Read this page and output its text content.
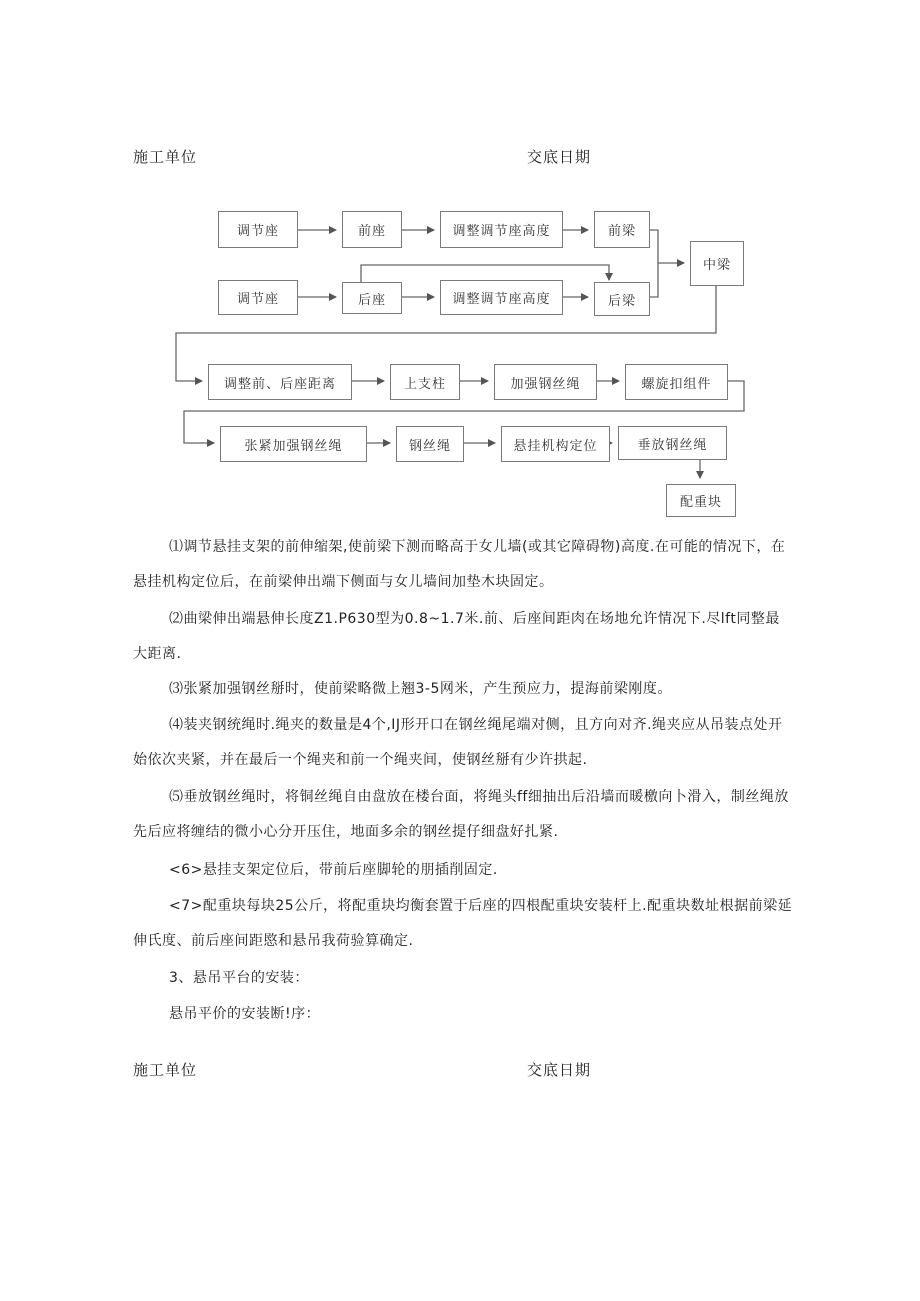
施工单位	交底日期
调节座	前座	调整调节座高度	前梁
中梁
调节座	后座	调整调节座高度	后梁
调整前、后座距离	上支柱	加强钢丝绳	螺旋扣组件
张紧加强钢丝绳	钢丝绳	悬挂机构定位	垂放钢丝绳
配重块
⑴调节悬挂支架的前伸缩架,使前梁下测而略高于女儿墙(或其它障碍物)高度.在可能的情况下，在悬挂机构定位后，在前梁伸出端下侧面与女儿墙间加垫木块固定。
⑵曲梁伸出端悬伸长度Z1.P630型为0.8~1.7米.前、后座间距肉在场地允许情况下.尽lft同整最大距离.
⑶张紧加强钢丝掰时，使前梁略微上翘3-5网米，产生预应力，提海前梁刚度。
⑷装夹钢统绳时.绳夹的数量是4个,IJ形开口在钢丝绳尾端对侧，且方向对齐.绳夹应从吊装点处开始依次夹紧，并在最后一个绳夹和前一个绳夹间，使钢丝掰有少许拱起.
⑸垂放钢丝绳时，将铜丝绳自由盘放在楼台面，将绳头ff细抽出后沿墙而暖檄向卜滑入，制丝绳放先后应将缠结的微小心分开压住，地面多余的钢丝提仔细盘好扎紧.
<6>悬挂支架定位后，带前后座脚轮的朋插削固定.
<7>配重块每块25公斤，将配重块均衡套置于后座的四根配重块安装杆上.配重块数址根据前梁延伸氏度、前后座间距愍和悬吊我荷验算确定.
3、悬吊平台的安装：
悬吊平价的安装断!序：
施工单位	交底日期
